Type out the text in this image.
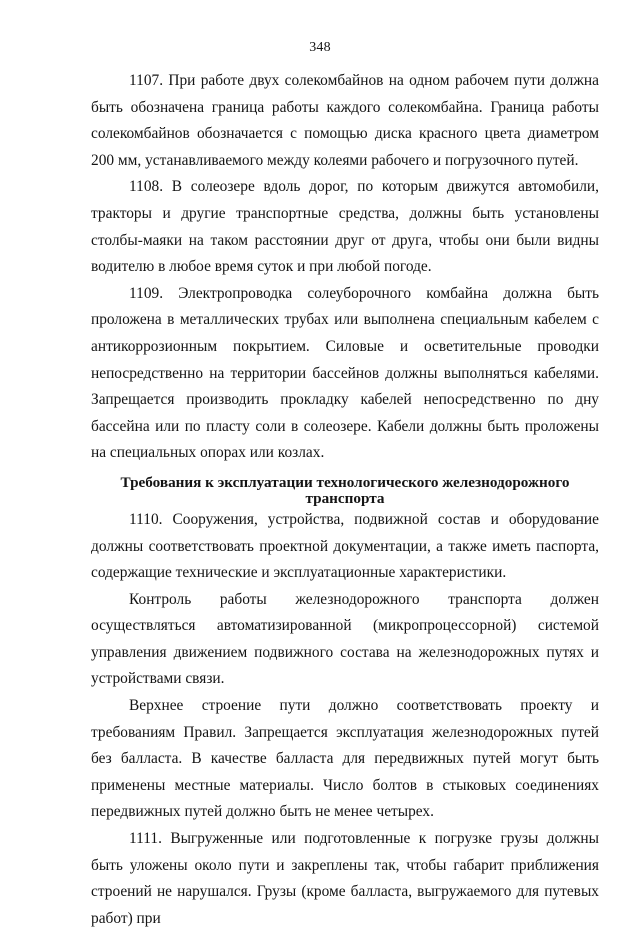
348

1107. При работе двух солекомбайнов на одном рабочем пути должна быть обозначена граница работы каждого солекомбайна. Граница работы солекомбайнов обозначается с помощью диска красного цвета диаметром 200 мм, устанавливаемого между колеями рабочего и погрузочного путей.

1108. В солеозере вдоль дорог, по которым движутся автомобили, тракторы и другие транспортные средства, должны быть установлены столбы-маяки на таком расстоянии друг от друга, чтобы они были видны водителю в любое время суток и при любой погоде.

1109. Электропроводка солеуборочного комбайна должна быть проложена в металлических трубах или выполнена специальным кабелем с антикоррозионным покрытием. Силовые и осветительные проводки непосредственно на территории бассейнов должны выполняться кабелями. Запрещается производить прокладку кабелей непосредственно по дну бассейна или по пласту соли в солеозере. Кабели должны быть проложены на специальных опорах или козлах.

Требования к эксплуатации технологического железнодорожного транспорта

1110. Сооружения, устройства, подвижной состав и оборудование должны соответствовать проектной документации, а также иметь паспорта, содержащие технические и эксплуатационные характеристики.

Контроль работы железнодорожного транспорта должен осуществляться автоматизированной (микропроцессорной) системой управления движением подвижного состава на железнодорожных путях и устройствами связи.

Верхнее строение пути должно соответствовать проекту и требованиям Правил. Запрещается эксплуатация железнодорожных путей без балласта. В качестве балласта для передвижных путей могут быть применены местные материалы. Число болтов в стыковых соединениях передвижных путей должно быть не менее четырех.

1111. Выгруженные или подготовленные к погрузке грузы должны быть уложены около пути и закреплены так, чтобы габарит приближения строений не нарушался. Грузы (кроме балласта, выгружаемого для путевых работ) при
